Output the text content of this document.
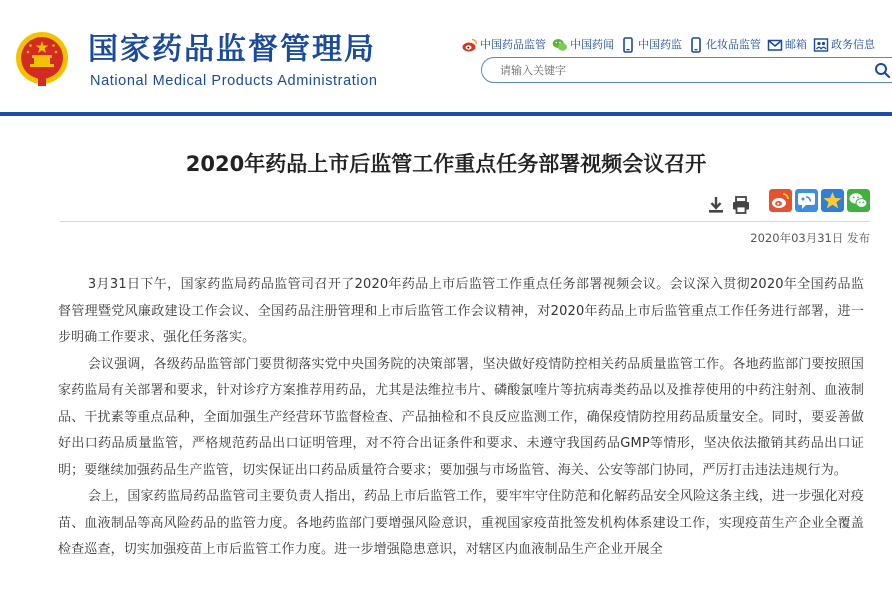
国家药品监督管理局
National Medical Products Administration
中国药品监管 中国药闻 中国药监 化妆品监管 邮箱 政务信息
请输入关键字
2020年药品上市后监管工作重点任务部署视频会议召开
2020年03月31日 发布

3月31日下午，国家药监局药品监管司召开了2020年药品上市后监管工作重点任务部署视频会议。会议深入贯彻2020年全国药品监督管理暨党风廉政建设工作会议、全国药品注册管理和上市后监管工作会议精神，对2020年药品上市后监管重点工作任务进行部署，进一步明确工作要求、强化任务落实。

会议强调，各级药品监管部门要贯彻落实党中央国务院的决策部署，坚决做好疫情防控相关药品质量监管工作。各地药监部门要按照国家药监局有关部署和要求，针对诊疗方案推荐用药品，尤其是法维拉韦片、磷酸氯喹片等抗病毒类药品以及推荐使用的中药注射剂、血液制品、干扰素等重点品种，全面加强生产经营环节监督检查、产品抽检和不良反应监测工作，确保疫情防控用药品质量安全。同时，要妥善做好出口药品质量监管，严格规范药品出口证明管理，对不符合出证条件和要求、未遵守我国药品GMP等情形，坚决依法撤销其药品出口证明；要继续加强药品生产监管，切实保证出口药品质量符合要求；要加强与市场监管、海关、公安等部门协同，严厉打击违法违规行为。

会上，国家药监局药品监管司主要负责人指出，药品上市后监管工作，要牢牢守住防范和化解药品安全风险这条主线，进一步强化对疫苗、血液制品等高风险药品的监管力度。各地药监部门要增强风险意识，重视国家疫苗批签发机构体系建设工作，实现疫苗生产企业全覆盖检查巡查，切实加强疫苗上市后监管工作力度。进一步增强隐患意识，对辖区内血液制品生产企业开展全
